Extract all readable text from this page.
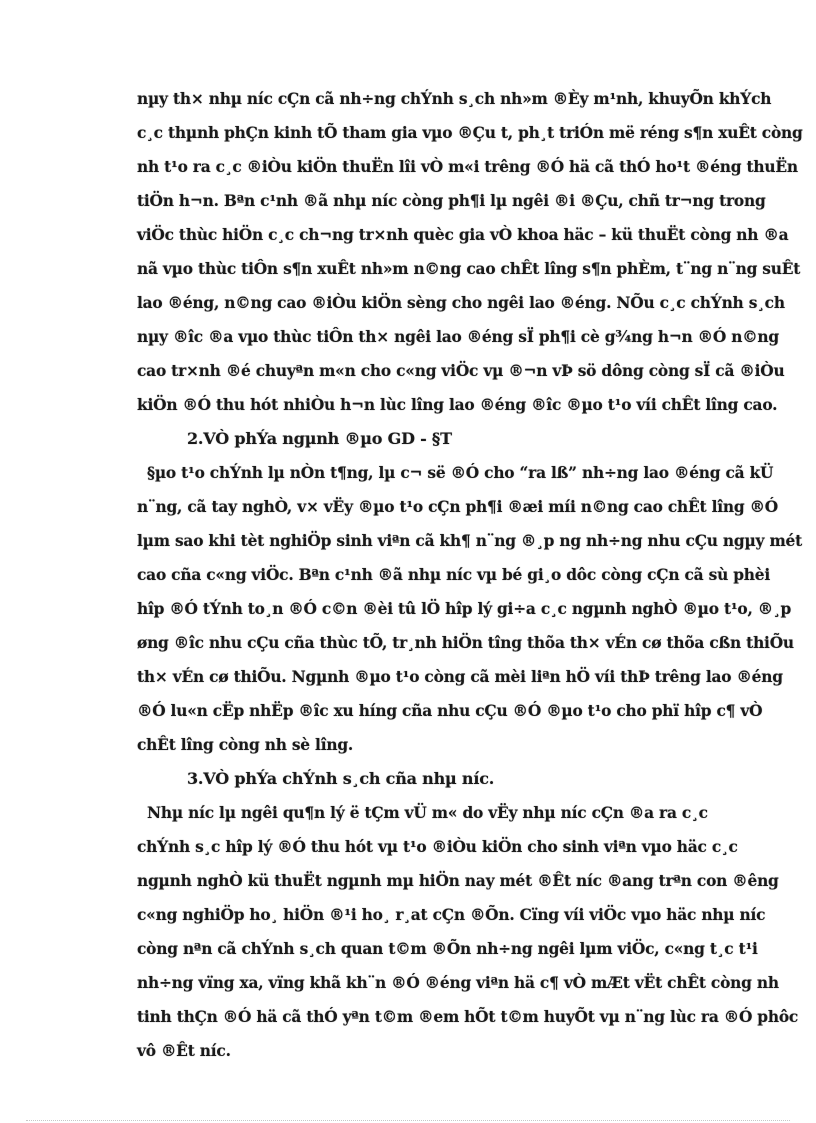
nµy th× nhµ níc cÇn cã nh÷ng chÝnh s¸ch nh»m ®Èy m¹nh, khuyÕn khÝch
c¸c thµnh phÇn kinh tÕ tham gia vµo ®Çu t, ph¸t triÓn më réng s¶n xuÊt còng
nh t¹o ra c¸c ®iÒu kiÖn thuËn lîi vÒ m«i trêng ®Ó hä cã thÓ ho¹t ®éng thuËn
tiÖn h¬n. Bªn c¹nh ®ã nhµ níc còng ph¶i lµ ngêi ®i ®Çu, chñ tr¬ng trong
viÖc thùc hiÖn c¸c ch¬ng tr×nh quèc gia vÒ khoa häc – kü thuËt còng nh ®a
nã vµo thùc tiÔn s¶n xuÊt nh»m n©ng cao chÊt lîng s¶n phÈm, t¨ng n¨ng suÊt
lao ®éng, n©ng cao ®iÒu kiÖn sèng cho ngêi lao ®éng. NÕu c¸c chÝnh s¸ch
nµy ®îc ®a vµo thùc tiÔn th× ngêi lao ®éng sÏ ph¶i cè g¾ng h¬n ®Ó n©ng
cao tr×nh ®é chuyªn m«n cho c«ng viÖc vµ ®¬n vÞ sö dông còng sÏ cã ®iÒu
kiÖn ®Ó thu hót nhiÒu h¬n lùc lîng lao ®éng ®îc ®µo t¹o víi chÊt lîng cao.
2.VÒ phÝa ngµnh ®µo GD - §T
§µo t¹o chÝnh lµ nÒn t¶ng, lµ c¬ së ®Ó cho “ra lß” nh÷ng lao ®éng cã kÜ
n¨ng, cã tay nghÒ, v× vËy ®µo t¹o cÇn ph¶i ®æi míi n©ng cao chÊt lîng ®Ó
lµm sao khi tèt nghiÖp sinh viªn cã kh¶ n¨ng ®¸p ng nh÷ng nhu cÇu ngµy mét
cao cña c«ng viÖc. Bªn c¹nh ®ã nhµ níc vµ bé gi¸o dôc còng cÇn cã sù phèi
hîp ®Ó tÝnh to¸n ®Ó c©n ®èi tû lÖ hîp lý gi÷a c¸c ngµnh nghÒ ®µo t¹o, ®¸p
øng ®îc nhu cÇu cña thùc tÕ, tr¸nh hiÖn tîng thõa th× vÉn cø thõa cßn thiÕu
th× vÉn cø thiÕu. Ngµnh ®µo t¹o còng cã mèi liªn hÖ víi thÞ trêng lao ®éng
®Ó lu«n cËp nhËp ®îc xu híng cña nhu cÇu ®Ó ®µo t¹o cho phï hîp c¶ vÒ
chÊt lîng còng nh sè lîng.
3.VÒ phÝa chÝnh s¸ch cña nhµ níc.
Nhµ níc lµ ngêi qu¶n lý ë tÇm vÜ m« do vËy nhµ níc cÇn ®a ra c¸c
chÝnh s¸c hîp lý ®Ó thu hót vµ t¹o ®iÒu kiÖn cho sinh viªn vµo häc c¸c
ngµnh nghÒ kü thuËt ngµnh mµ hiÖn nay mét ®Êt níc ®ang trªn con ®êng
c«ng nghiÖp ho¸ hiÖn ®¹i ho¸ r¸at cÇn ®Õn. Cïng víi viÖc vµo häc nhµ níc
còng nªn cã chÝnh s¸ch quan t©m ®Õn nh÷ng ngêi lµm viÖc, c«ng t¸c t¹i
nh÷ng vïng xa, vïng khã kh¨n ®Ó ®éng viªn hä c¶ vÒ mÆt vËt chÊt còng nh
tinh thÇn ®Ó hä cã thÓ yªn t©m ®em hÕt t©m huyÕt vµ n¨ng lùc ra ®Ó phôc
vô ®Êt níc.
